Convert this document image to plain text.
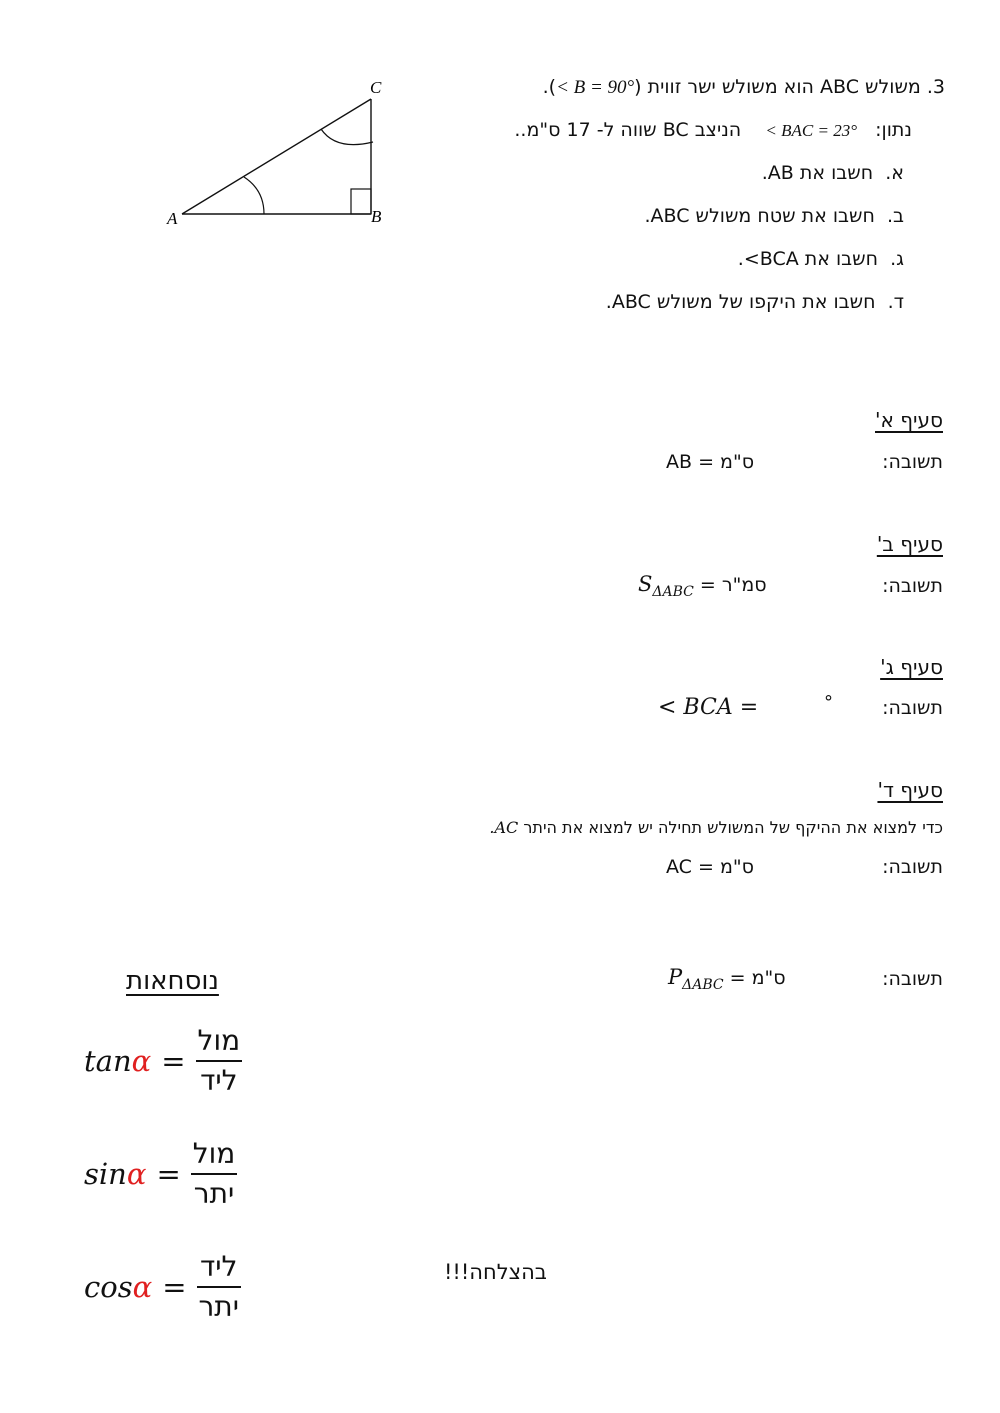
A	B
C	3. משולש ABC הוא משולש ישר זווית (< B = 90°).
נתון:   < BAC = 23°    הניצב BC שווה ל- 17 ס"מ..
א.  חשבו את AB.
ב.  חשבו את שטח משולש ABC.
ג.  חשבו את BCA>.
ד.  חשבו את היקפו של משולש ABC.
סעיף א'
תשובה:
AB = ס"מ
סעיף ב'
תשובה:
$S_{\Delta ABC}$ = סמ"ר
סעיף ג'
תשובה:
< BCA =	°
סעיף ד'
כדי למצוא את ההיקף של המשולש תחילה יש למצוא את היתר AC.
תשובה:
AC = ס"מ
תשובה:
$P_{\Delta ABC}$ = ס"מ
נוסחאות
$\tan \alpha = \frac{\text{מול}}{\text{ליד}}$
$\sin \alpha = \frac{\text{מול}}{\text{יתר}}$
$\cos \alpha = \frac{\text{ליד}}{\text{יתר}}$	בהצלחה!!!
